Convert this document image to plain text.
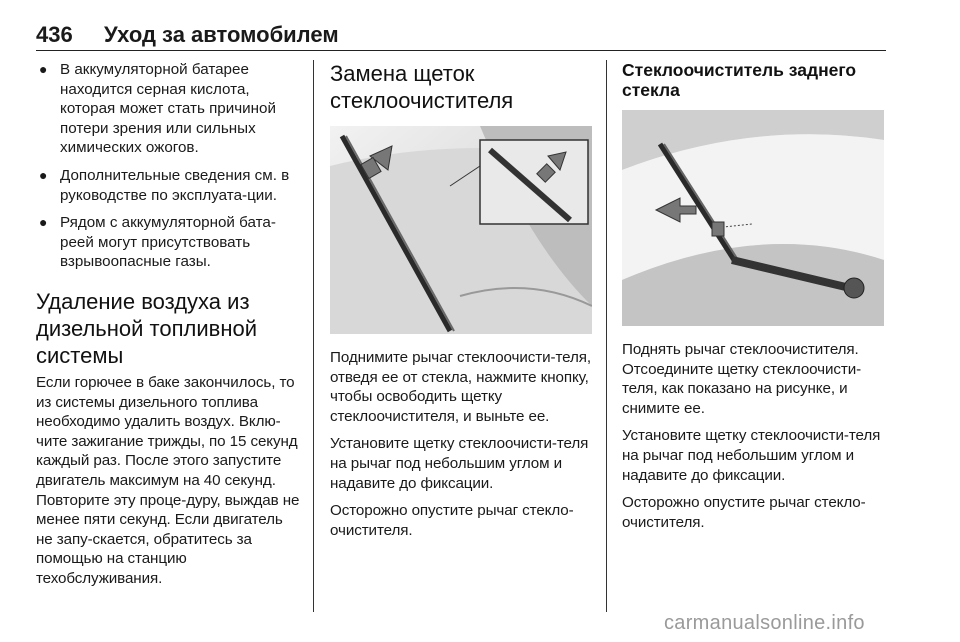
436 Уход за автомобилем
● В аккумуляторной батарее находится серная кислота, которая может стать причиной потери зрения или сильных химических ожогов.
● Дополнительные сведения см. в руководстве по эксплуата-ции.
● Рядом с аккумуляторной бата-реей могут присутствовать взрывоопасные газы.
Удаление воздуха из дизельной топливной системы

Если горючее в баке закончилось, то из системы дизельного топлива необходимо удалить воздух. Вклю-чите зажигание трижды, по 15 секунд каждый раз. После этого запустите двигатель максимум на 40 секунд. Повторите эту проце-дуру, выждав не менее пяти секунд. Если двигатель не запу-скается, обратитесь за помощью на станцию техобслуживания.

Замена щеток стеклоочистителя

Поднимите рычаг стеклоочисти-теля, отведя ее от стекла, нажмите кнопку, чтобы освободить щетку стеклоочистителя, и выньте ее.

Установите щетку стеклоочисти-теля на рычаг под небольшим углом и надавите до фиксации.

Осторожно опустите рычаг стекло-очистителя.

Стеклоочиститель заднего стекла

Поднять рычаг стеклоочистителя. Отсоедините щетку стеклоочисти-теля, как показано на рисунке, и снимите ее.

Установите щетку стеклоочисти-теля на рычаг под небольшим углом и надавите до фиксации.

Осторожно опустите рычаг стекло-очистителя.

carmanualsonline.info
